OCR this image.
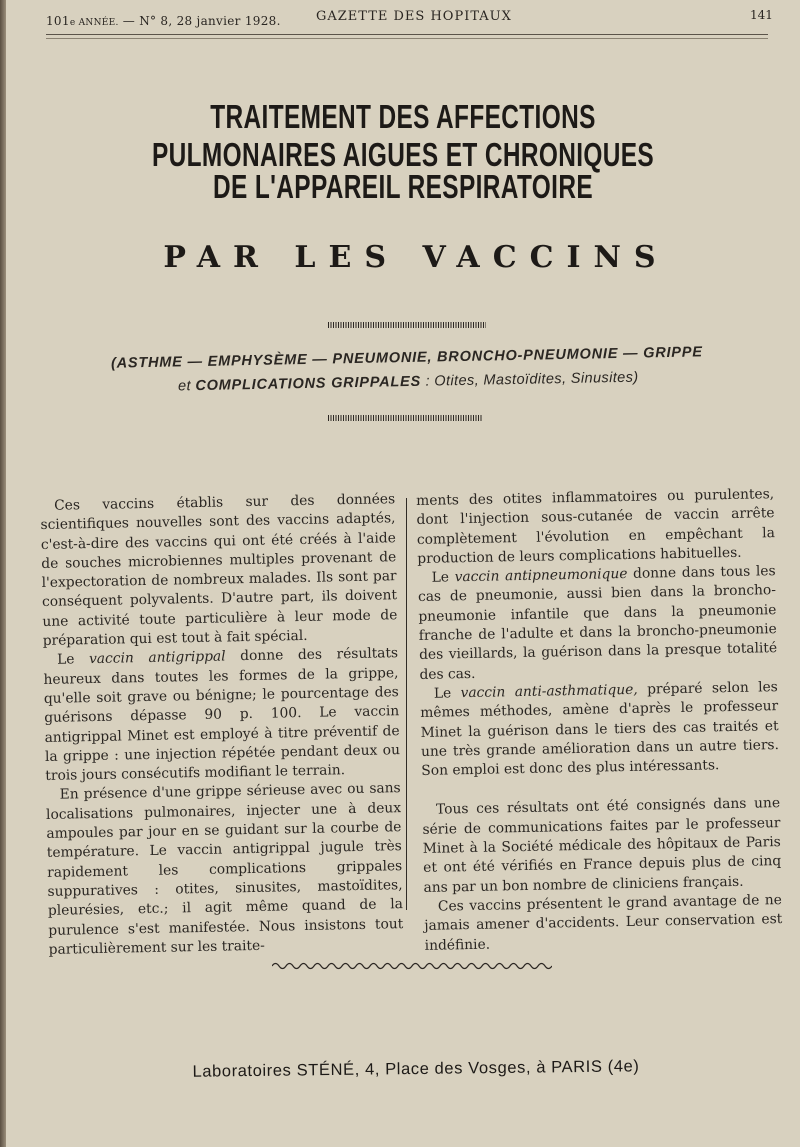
101e ANNÉE. — N° 8, 28 janvier 1928.	GAZETTE DES HOPITAUX	141
TRAITEMENT DES AFFECTIONS PULMONAIRES AIGUES ET CHRONIQUES
DE L'APPAREIL RESPIRATOIRE
PAR LES VACCINS
(ASTHME — EMPHYSÈME — PNEUMONIE, BRONCHO-PNEUMONIE — GRIPPE
et COMPLICATIONS GRIPPALES : Otites, Mastoïdites, Sinusites)

Ces vaccins établis sur des données scientifiques nouvelles sont des vaccins adaptés, c'est-à-dire des vaccins qui ont été créés à l'aide de souches microbiennes multiples provenant de l'expectoration de nombreux malades. Ils sont par conséquent polyvalents. D'autre part, ils doivent une activité toute particulière à leur mode de préparation qui est tout à fait spécial.

Le vaccin antigrippal donne des résultats heureux dans toutes les formes de la grippe, qu'elle soit grave ou bénigne; le pourcentage des guérisons dépasse 90 p. 100. Le vaccin antigrippal Minet est employé à titre préventif de la grippe : une injection répétée pendant deux ou trois jours consécutifs modifiant le terrain.

En présence d'une grippe sérieuse avec ou sans localisations pulmonaires, injecter une à deux ampoules par jour en se guidant sur la courbe de température. Le vaccin antigrippal jugule très rapidement les complications grippales suppuratives : otites, sinusites, mastoïdites, pleurésies, etc.; il agit même quand de la purulence s'est manifestée. Nous insistons tout particulièrement sur les traite-

ments des otites inflammatoires ou purulentes, dont l'injection sous-cutanée de vaccin arrête complètement l'évolution en empêchant la production de leurs complications habituelles.

Le vaccin antipneumonique donne dans tous les cas de pneumonie, aussi bien dans la broncho-pneumonie infantile que dans la pneumonie franche de l'adulte et dans la broncho-pneumonie des vieillards, la guérison dans la presque totalité des cas.

Le vaccin anti-asthmatique, préparé selon les mêmes méthodes, amène d'après le professeur Minet la guérison dans le tiers des cas traités et une très grande amélioration dans un autre tiers. Son emploi est donc des plus intéressants.

Tous ces résultats ont été consignés dans une série de communications faites par le professeur Minet à la Société médicale des hôpitaux de Paris et ont été vérifiés en France depuis plus de cinq ans par un bon nombre de cliniciens français.

Ces vaccins présentent le grand avantage de ne jamais amener d'accidents. Leur conservation est indéfinie.

Laboratoires STÉNÉ, 4, Place des Vosges, à PARIS (4e)
